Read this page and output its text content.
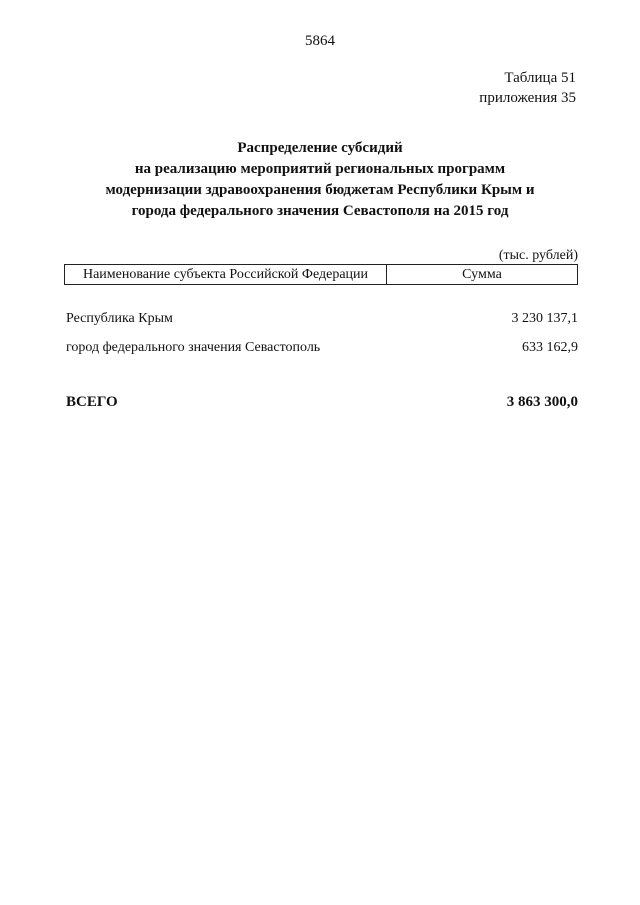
5864
Таблица 51
приложения 35
Распределение субсидий
на реализацию мероприятий региональных программ
модернизации здравоохранения бюджетам Республики Крым и
города федерального значения Севастополя на 2015 год
(тыс. рублей)
Наименование субъекта Российской Федерации	Сумма
Республика Крым	3 230 137,1
город федерального значения Севастополь	633 162,9
ВСЕГО	3 863 300,0
